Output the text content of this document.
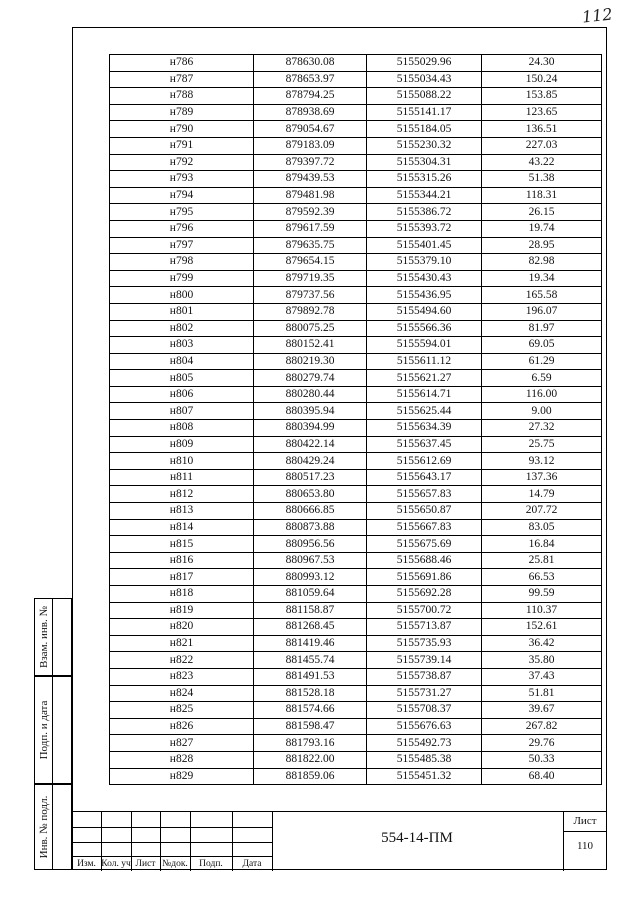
112
н786	878630.08	5155029.96	24.30
н787	878653.97	5155034.43	150.24
н788	878794.25	5155088.22	153.85
н789	878938.69	5155141.17	123.65
н790	879054.67	5155184.05	136.51
н791	879183.09	5155230.32	227.03
н792	879397.72	5155304.31	43.22
н793	879439.53	5155315.26	51.38
н794	879481.98	5155344.21	118.31
н795	879592.39	5155386.72	26.15
н796	879617.59	5155393.72	19.74
н797	879635.75	5155401.45	28.95
н798	879654.15	5155379.10	82.98
н799	879719.35	5155430.43	19.34
н800	879737.56	5155436.95	165.58
н801	879892.78	5155494.60	196.07
н802	880075.25	5155566.36	81.97
н803	880152.41	5155594.01	69.05
н804	880219.30	5155611.12	61.29
н805	880279.74	5155621.27	6.59
н806	880280.44	5155614.71	116.00
н807	880395.94	5155625.44	9.00
н808	880394.99	5155634.39	27.32
н809	880422.14	5155637.45	25.75
н810	880429.24	5155612.69	93.12
н811	880517.23	5155643.17	137.36
н812	880653.80	5155657.83	14.79
н813	880666.85	5155650.87	207.72
н814	880873.88	5155667.83	83.05
н815	880956.56	5155675.69	16.84
н816	880967.53	5155688.46	25.81
н817	880993.12	5155691.86	66.53
н818	881059.64	5155692.28	99.59
н819	881158.87	5155700.72	110.37
н820	881268.45	5155713.87	152.61
н821	881419.46	5155735.93	36.42
н822	881455.74	5155739.14	35.80
н823	881491.53	5155738.87	37.43
н824	881528.18	5155731.27	51.81
н825	881574.66	5155708.37	39.67
н826	881598.47	5155676.63	267.82
н827	881793.16	5155492.73	29.76
н828	881822.00	5155485.38	50.33
н829	881859.06	5155451.32	68.40
Взам. инв. №
Подп. и дата
Инв. № подл.
Изм. Кол. уч Лист №док.	Подп.	Дата
554-14-ПМ
Лист
110
